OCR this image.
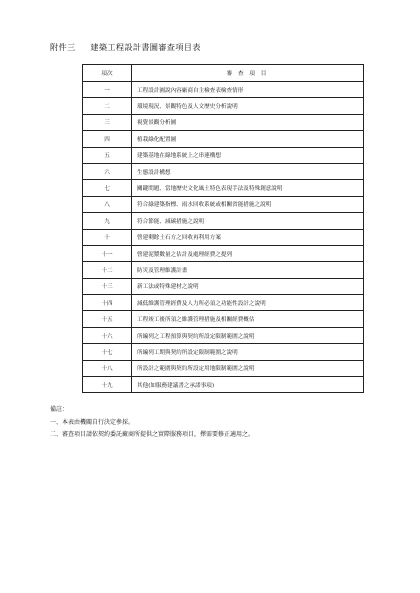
附件三 建築工程設計書圖審查項目表
項次	審 查 項 目
一	工程設計圖說內容廠商自主檢查表檢查情形
二	環境現況、景觀特色及人文歷史分析說明
三	視覺景觀分析圖
四	植栽綠化配置圖
五	建築基地在綠地系統上之串連構想
六	生態設計構想
七	關鍵問題、當地歷史文化風土特色表現手法及特殊創意說明
八	符合綠建築指標、雨水回收系統或相關省能措施之說明
九	符合節能、減碳措施之說明
十	營建剩餘土石方之回收再利用方案
十一	營建泥漿數量之估計及處理經費之提列
十二	防災及管理維護計畫
十三	新工法或特殊建材之說明
十四	減低維護管理經費及人力所必須之功能性設計之說明
十五	工程竣工後所須之維護管理措施及相關經費概估
十六	所編列之工程預算與契約所設定限制範圍之說明
十七	所編列工期與契約所設定限制範圍之說明
十八	所設計之範圍與契約所設定用地限制範圍之說明
十九	其他(如服務建議書之承諾事項)
備註：
一、本表由機關自行決定參採。
二、審查項目請依契約委託廠商所提供之實際服務項目，擇需要修正適用之。
